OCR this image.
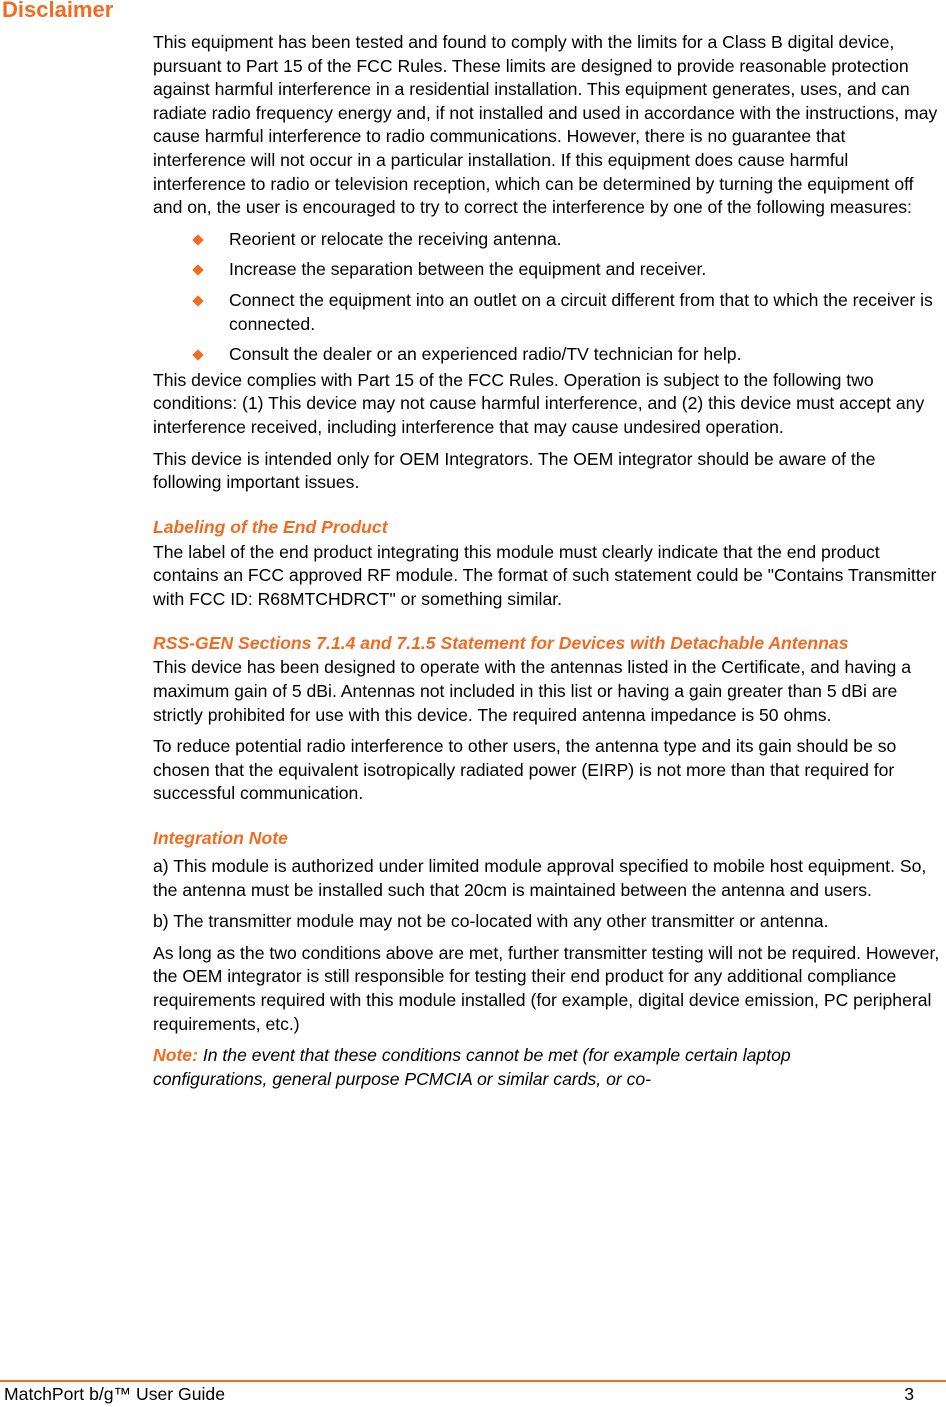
Disclaimer

This equipment has been tested and found to comply with the limits for a Class B digital device, pursuant to Part 15 of the FCC Rules. These limits are designed to provide reasonable protection against harmful interference in a residential installation. This equipment generates, uses, and can radiate radio frequency energy and, if not installed and used in accordance with the instructions, may cause harmful interference to radio communications. However, there is no guarantee that interference will not occur in a particular installation. If this equipment does cause harmful interference to radio or television reception, which can be determined by turning the equipment off and on, the user is encouraged to try to correct the interference by one of the following measures:

Reorient or relocate the receiving antenna.
Increase the separation between the equipment and receiver.
Connect the equipment into an outlet on a circuit different from that to which the receiver is connected.
Consult the dealer or an experienced radio/TV technician for help.

This device complies with Part 15 of the FCC Rules. Operation is subject to the following two conditions: (1) This device may not cause harmful interference, and (2) this device must accept any interference received, including interference that may cause undesired operation.

This device is intended only for OEM Integrators. The OEM integrator should be aware of the following important issues.

Labeling of the End Product

The label of the end product integrating this module must clearly indicate that the end product contains an FCC approved RF module. The format of such statement could be "Contains Transmitter with FCC ID: R68MTCHDRCT" or something similar.

RSS-GEN Sections 7.1.4 and 7.1.5 Statement for Devices with Detachable Antennas

This device has been designed to operate with the antennas listed in the Certificate, and having a maximum gain of 5 dBi. Antennas not included in this list or having a gain greater than 5 dBi are strictly prohibited for use with this device. The required antenna impedance is 50 ohms.

To reduce potential radio interference to other users, the antenna type and its gain should be so chosen that the equivalent isotropically radiated power (EIRP) is not more than that required for successful communication.

Integration Note

a) This module is authorized under limited module approval specified to mobile host equipment. So, the antenna must be installed such that 20cm is maintained between the antenna and users.

b) The transmitter module may not be co-located with any other transmitter or antenna.

As long as the two conditions above are met, further transmitter testing will not be required. However, the OEM integrator is still responsible for testing their end product for any additional compliance requirements required with this module installed (for example, digital device emission, PC peripheral requirements, etc.)

Note: In the event that these conditions cannot be met (for example certain laptop configurations, general purpose PCMCIA or similar cards, or co-

MatchPort b/g™ User Guide	3
